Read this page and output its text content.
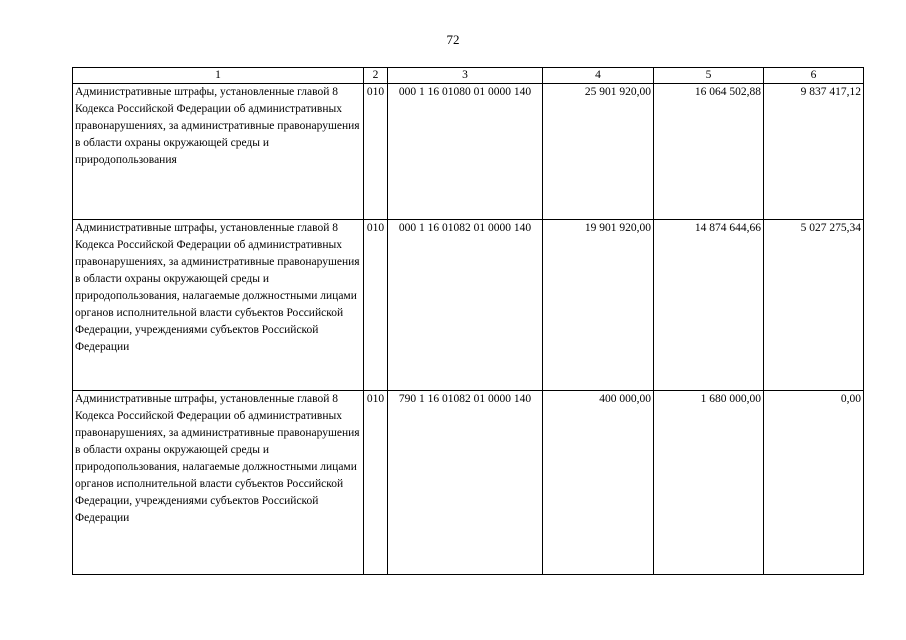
72
1	2	3	4	5	6
Административные штрафы, установленные главой 8 Кодекса Российской Федерации об административных правонарушениях, за административные правонарушения в области охраны окружающей среды и природопользования	010	000 1 16 01080 01 0000 140	25 901 920,00	16 064 502,88	9 837 417,12
Административные штрафы, установленные главой 8 Кодекса Российской Федерации об административных правонарушениях, за административные правонарушения в области охраны окружающей среды и природопользования, налагаемые должностными лицами органов исполнительной власти субъектов Российской Федерации, учреждениями субъектов Российской Федерации	010	000 1 16 01082 01 0000 140	19 901 920,00	14 874 644,66	5 027 275,34
Административные штрафы, установленные главой 8 Кодекса Российской Федерации об административных правонарушениях, за административные правонарушения в области охраны окружающей среды и природопользования, налагаемые должностными лицами органов исполнительной власти субъектов Российской Федерации, учреждениями субъектов Российской Федерации	010	790 1 16 01082 01 0000 140	400 000,00	1 680 000,00	0,00
